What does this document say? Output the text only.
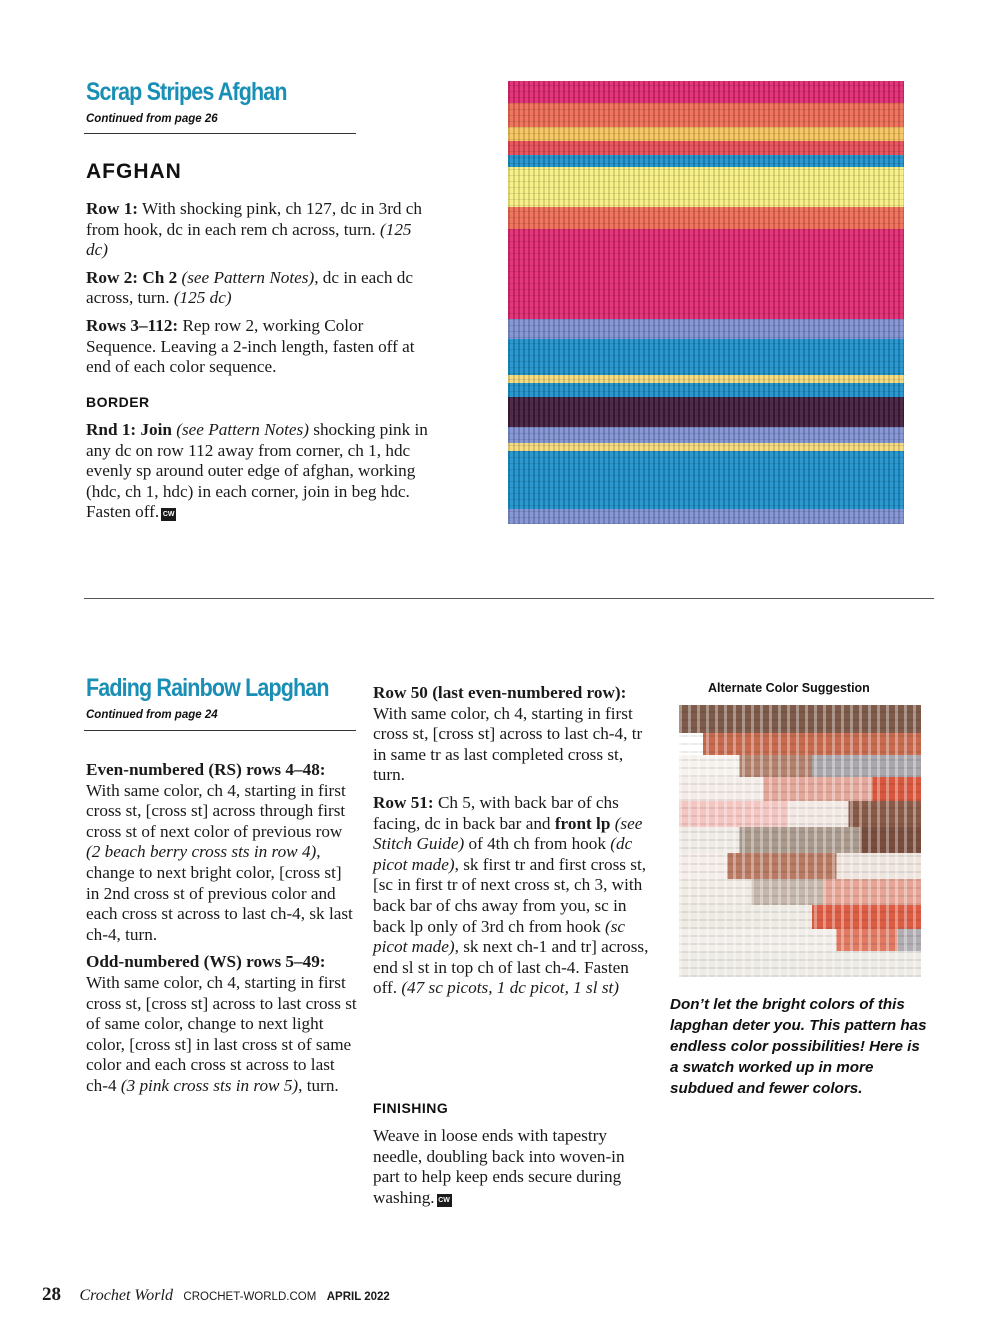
Scrap Stripes Afghan
Continued from page 26
AFGHAN

Row 1: With shocking pink, ch 127, dc in 3rd ch from hook, dc in each rem ch across, turn. (125 dc)

Row 2: Ch 2 (see Pattern Notes), dc in each dc across, turn. (125 dc)

Rows 3–112: Rep row 2, working Color Sequence. Leaving a 2-inch length, fasten off at end of each color sequence.

BORDER

Rnd 1: Join (see Pattern Notes) shocking pink in any dc on row 112 away from corner, ch 1, hdc evenly sp around outer edge of afghan, working (hdc, ch 1, hdc) in each corner, join in beg hdc. Fasten off. CW

Fading Rainbow Lapghan
Continued from page 24

Even-numbered (RS) rows 4–48: With same color, ch 4, starting in first cross st, [cross st] across through first cross st of next color of previous row (2 beach berry cross sts in row 4), change to next bright color, [cross st] in 2nd cross st of previous color and each cross st across to last ch-4, sk last ch-4, turn.

Odd-numbered (WS) rows 5–49: With same color, ch 4, starting in first cross st, [cross st] across to last cross st of same color, change to next light color, [cross st] in last cross st of same color and each cross st across to last ch-4 (3 pink cross sts in row 5), turn.

Row 50 (last even-numbered row): With same color, ch 4, starting in first cross st, [cross st] across to last ch-4, tr in same tr as last completed cross st, turn.

Row 51: Ch 5, with back bar of chs facing, dc in back bar and front lp (see Stitch Guide) of 4th ch from hook (dc picot made), sk first tr and first cross st, [sc in first tr of next cross st, ch 3, with back bar of chs away from you, sc in back lp only of 3rd ch from hook (sc picot made), sk next ch-1 and tr] across, end sl st in top ch of last ch-4. Fasten off. (47 sc picots, 1 dc picot, 1 sl st)

FINISHING

Weave in loose ends with tapestry needle, doubling back into woven-in part to help keep ends secure during washing. CW

Alternate Color Suggestion
Don’t let the bright colors of this lapghan deter you. This pattern has endless color possibilities! Here is a swatch worked up in more subdued and fewer colors.
28 Crochet World CROCHET-WORLD.COM APRIL 2022
